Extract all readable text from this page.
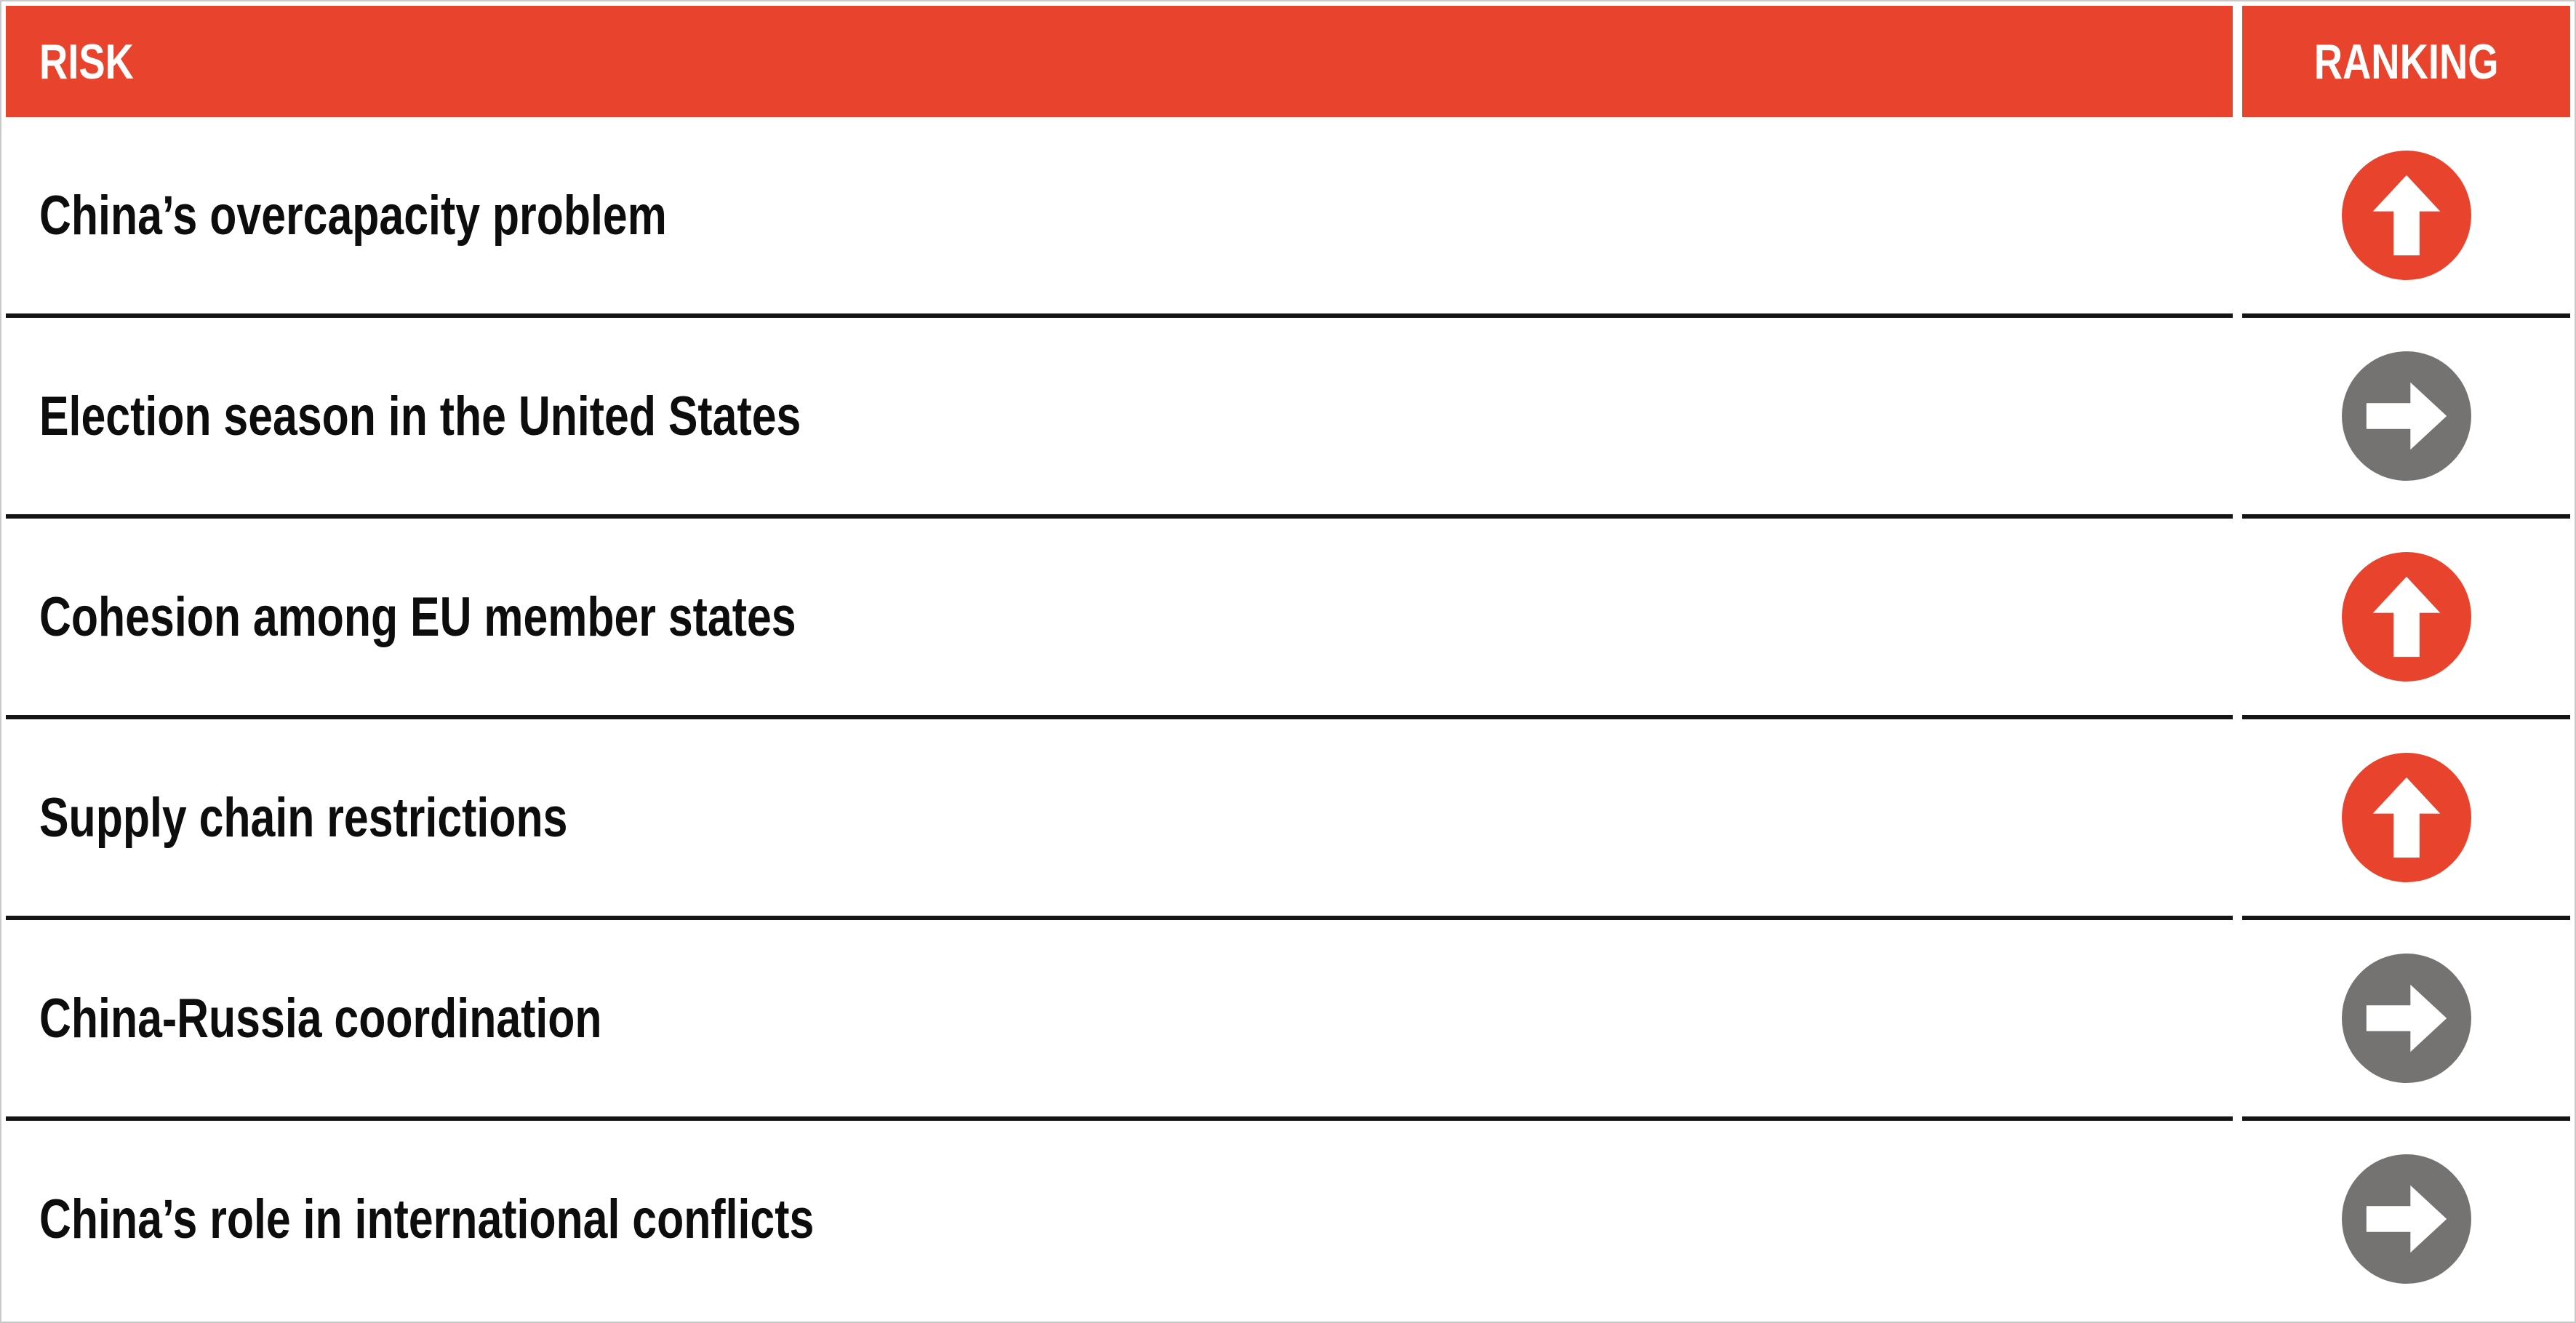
RISK	RANKING
China’s overcapacity problem
Election season in the United States
Cohesion among EU member states
Supply chain restrictions
China-Russia coordination
China’s role in international conflicts
